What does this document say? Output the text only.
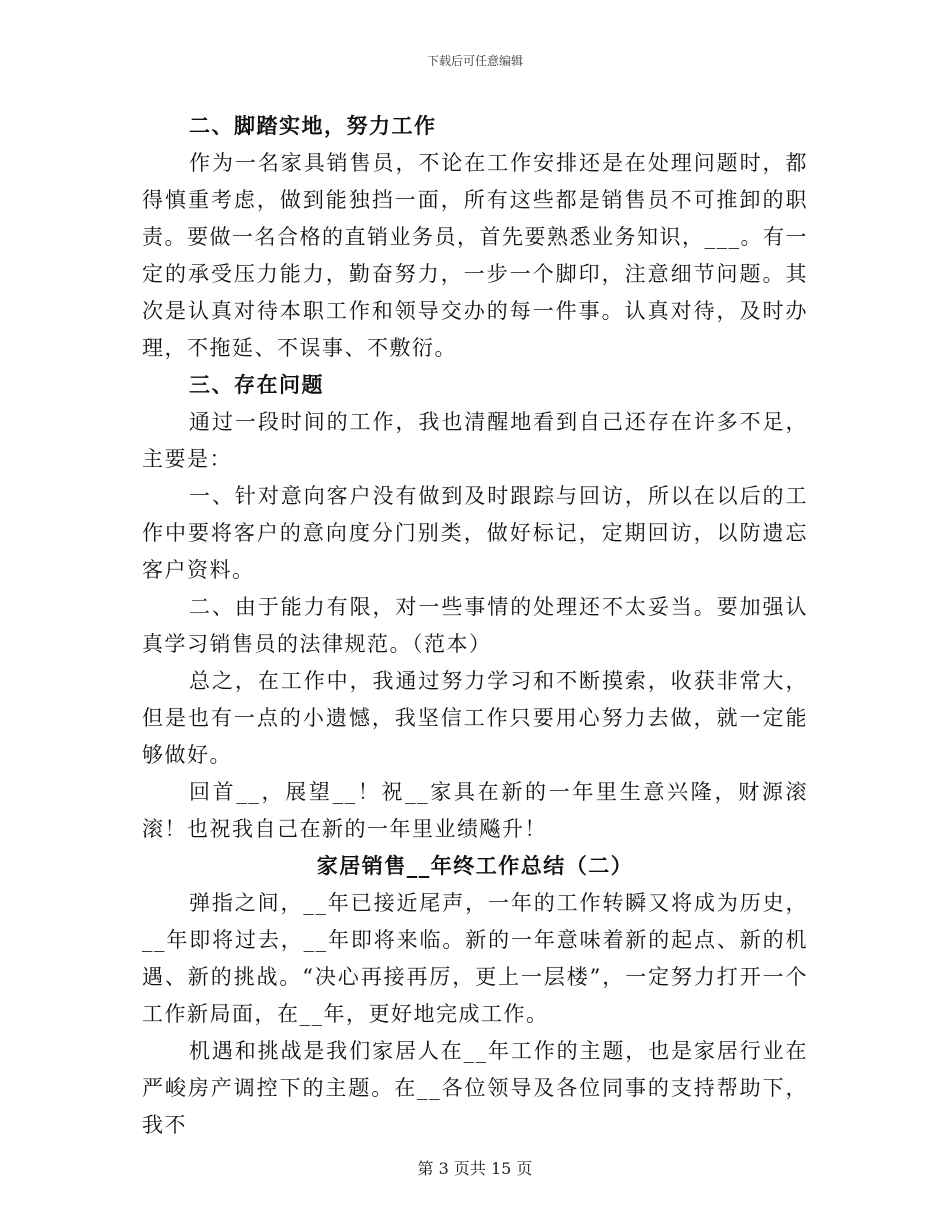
下载后可任意编辑

二、脚踏实地，努力工作

作为一名家具销售员，不论在工作安排还是在处理问题时，都得慎重考虑，做到能独挡一面，所有这些都是销售员不可推卸的职责。要做一名合格的直销业务员，首先要熟悉业务知识，___。有一定的承受压力能力，勤奋努力，一步一个脚印，注意细节问题。其次是认真对待本职工作和领导交办的每一件事。认真对待，及时办理，不拖延、不误事、不敷衍。

三、存在问题

通过一段时间的工作，我也清醒地看到自己还存在许多不足，主要是：

一、针对意向客户没有做到及时跟踪与回访，所以在以后的工作中要将客户的意向度分门别类，做好标记，定期回访，以防遗忘客户资料。

二、由于能力有限，对一些事情的处理还不太妥当。要加强认真学习销售员的法律规范。（范本）

总之，在工作中，我通过努力学习和不断摸索，收获非常大，但是也有一点的小遗憾，我坚信工作只要用心努力去做，就一定能够做好。

回首__，展望__！祝__家具在新的一年里生意兴隆，财源滚滚！也祝我自己在新的一年里业绩飚升！

家居销售__年终工作总结（二）

弹指之间，__年已接近尾声，一年的工作转瞬又将成为历史，__年即将过去，__年即将来临。新的一年意味着新的起点、新的机遇、新的挑战。“决心再接再厉，更上一层楼”，一定努力打开一个工作新局面，在__年，更好地完成工作。

机遇和挑战是我们家居人在__年工作的主题，也是家居行业在严峻房产调控下的主题。在__各位领导及各位同事的支持帮助下，我不

第 3 页共 15 页
